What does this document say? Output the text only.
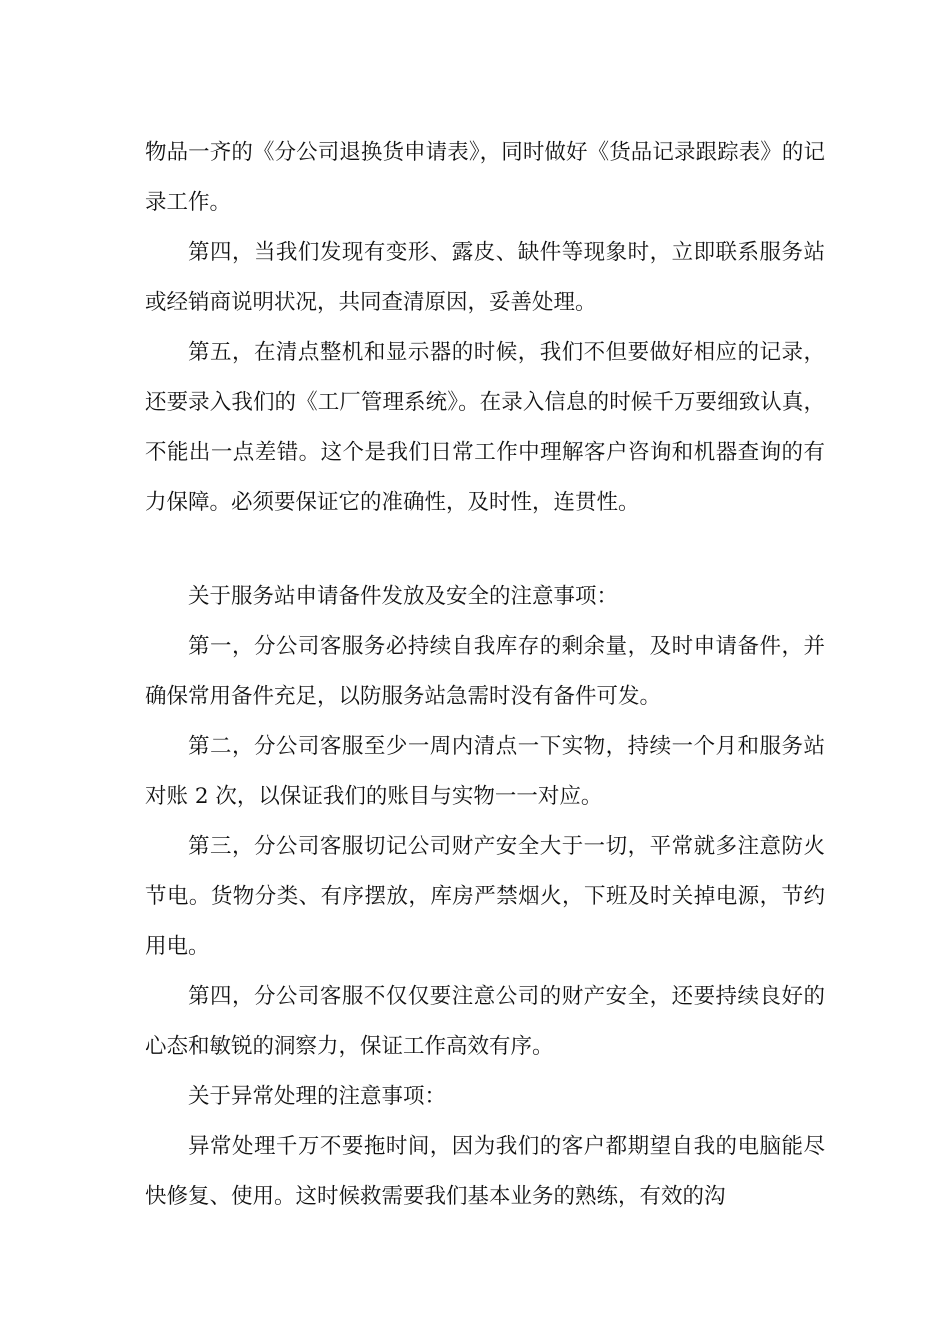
物品一齐的《分公司退换货申请表》，同时做好《货品记录跟踪表》的记录工作。

第四，当我们发现有变形、露皮、缺件等现象时，立即联系服务站或经销商说明状况，共同查清原因，妥善处理。

第五，在清点整机和显示器的时候，我们不但要做好相应的记录，还要录入我们的《工厂管理系统》。在录入信息的时候千万要细致认真，不能出一点差错。这个是我们日常工作中理解客户咨询和机器查询的有力保障。必须要保证它的准确性，及时性，连贯性。

关于服务站申请备件发放及安全的注意事项：

第一，分公司客服务必持续自我库存的剩余量，及时申请备件，并确保常用备件充足，以防服务站急需时没有备件可发。

第二，分公司客服至少一周内清点一下实物，持续一个月和服务站对账 2 次，以保证我们的账目与实物一一对应。

第三，分公司客服切记公司财产安全大于一切，平常就多注意防火节电。货物分类、有序摆放，库房严禁烟火，下班及时关掉电源，节约用电。

第四，分公司客服不仅仅要注意公司的财产安全，还要持续良好的心态和敏锐的洞察力，保证工作高效有序。

关于异常处理的注意事项：

异常处理千万不要拖时间，因为我们的客户都期望自我的电脑能尽快修复、使用。这时候救需要我们基本业务的熟练，有效的沟
